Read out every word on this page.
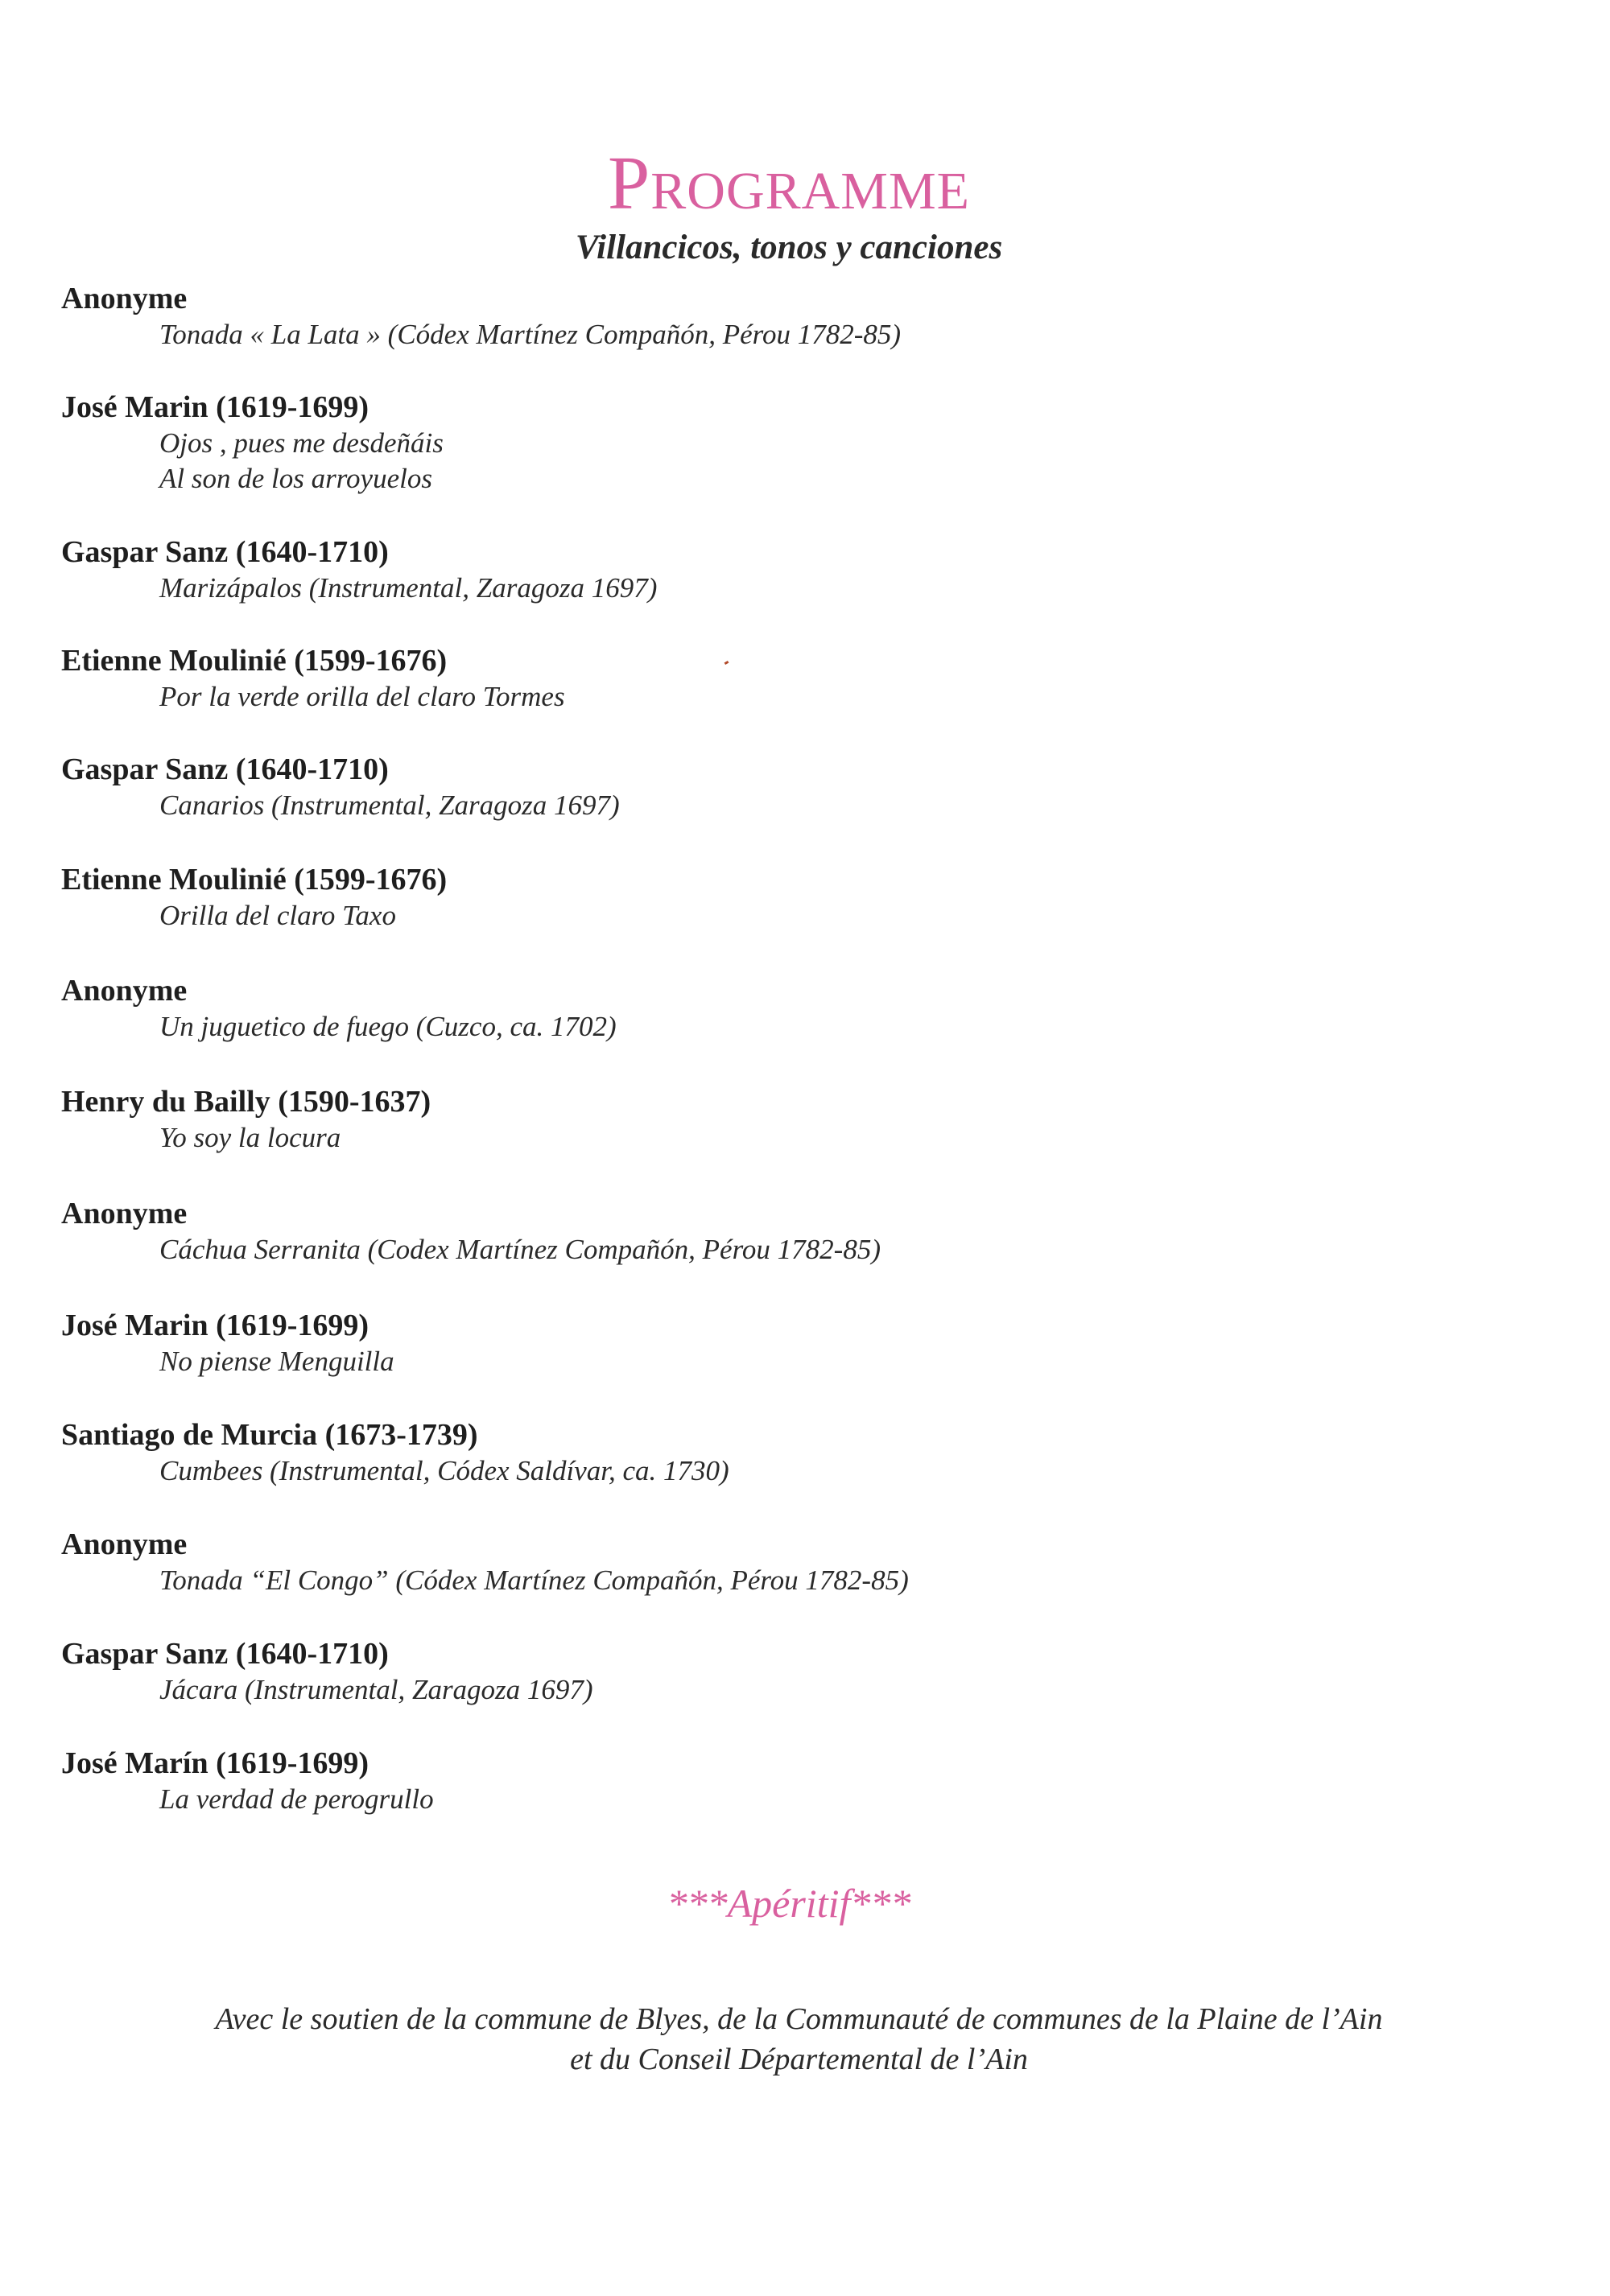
Programme
Villancicos, tonos y canciones
Anonyme
Tonada « La Lata » (Códex Martínez Compañón, Pérou 1782-85)
José Marin (1619-1699)
Ojos , pues me desdeñáis
Al son de los arroyuelos
Gaspar Sanz (1640-1710)
Marizápalos (Instrumental, Zaragoza 1697)
Etienne Moulinié (1599-1676)
Por la verde orilla del claro Tormes
Gaspar Sanz (1640-1710)
Canarios (Instrumental, Zaragoza 1697)
Etienne Moulinié (1599-1676)
Orilla del claro Taxo
Anonyme
Un juguetico de fuego (Cuzco, ca. 1702)
Henry du Bailly (1590-1637)
Yo soy la locura
Anonyme
Cáchua Serranita (Codex Martínez Compañón, Pérou 1782-85)
José Marin (1619-1699)
No piense Menguilla
Santiago de Murcia (1673-1739)
Cumbees (Instrumental, Códex Saldívar, ca. 1730)
Anonyme
Tonada “El Congo” (Códex Martínez Compañón, Pérou 1782-85)
Gaspar Sanz (1640-1710)
Jácara (Instrumental, Zaragoza 1697)
José Marín (1619-1699)
La verdad de perogrullo
***Apéritif***
Avec le soutien de la commune de Blyes, de la Communauté de communes de la Plaine de l’Ain
et du Conseil Départemental de l’Ain
